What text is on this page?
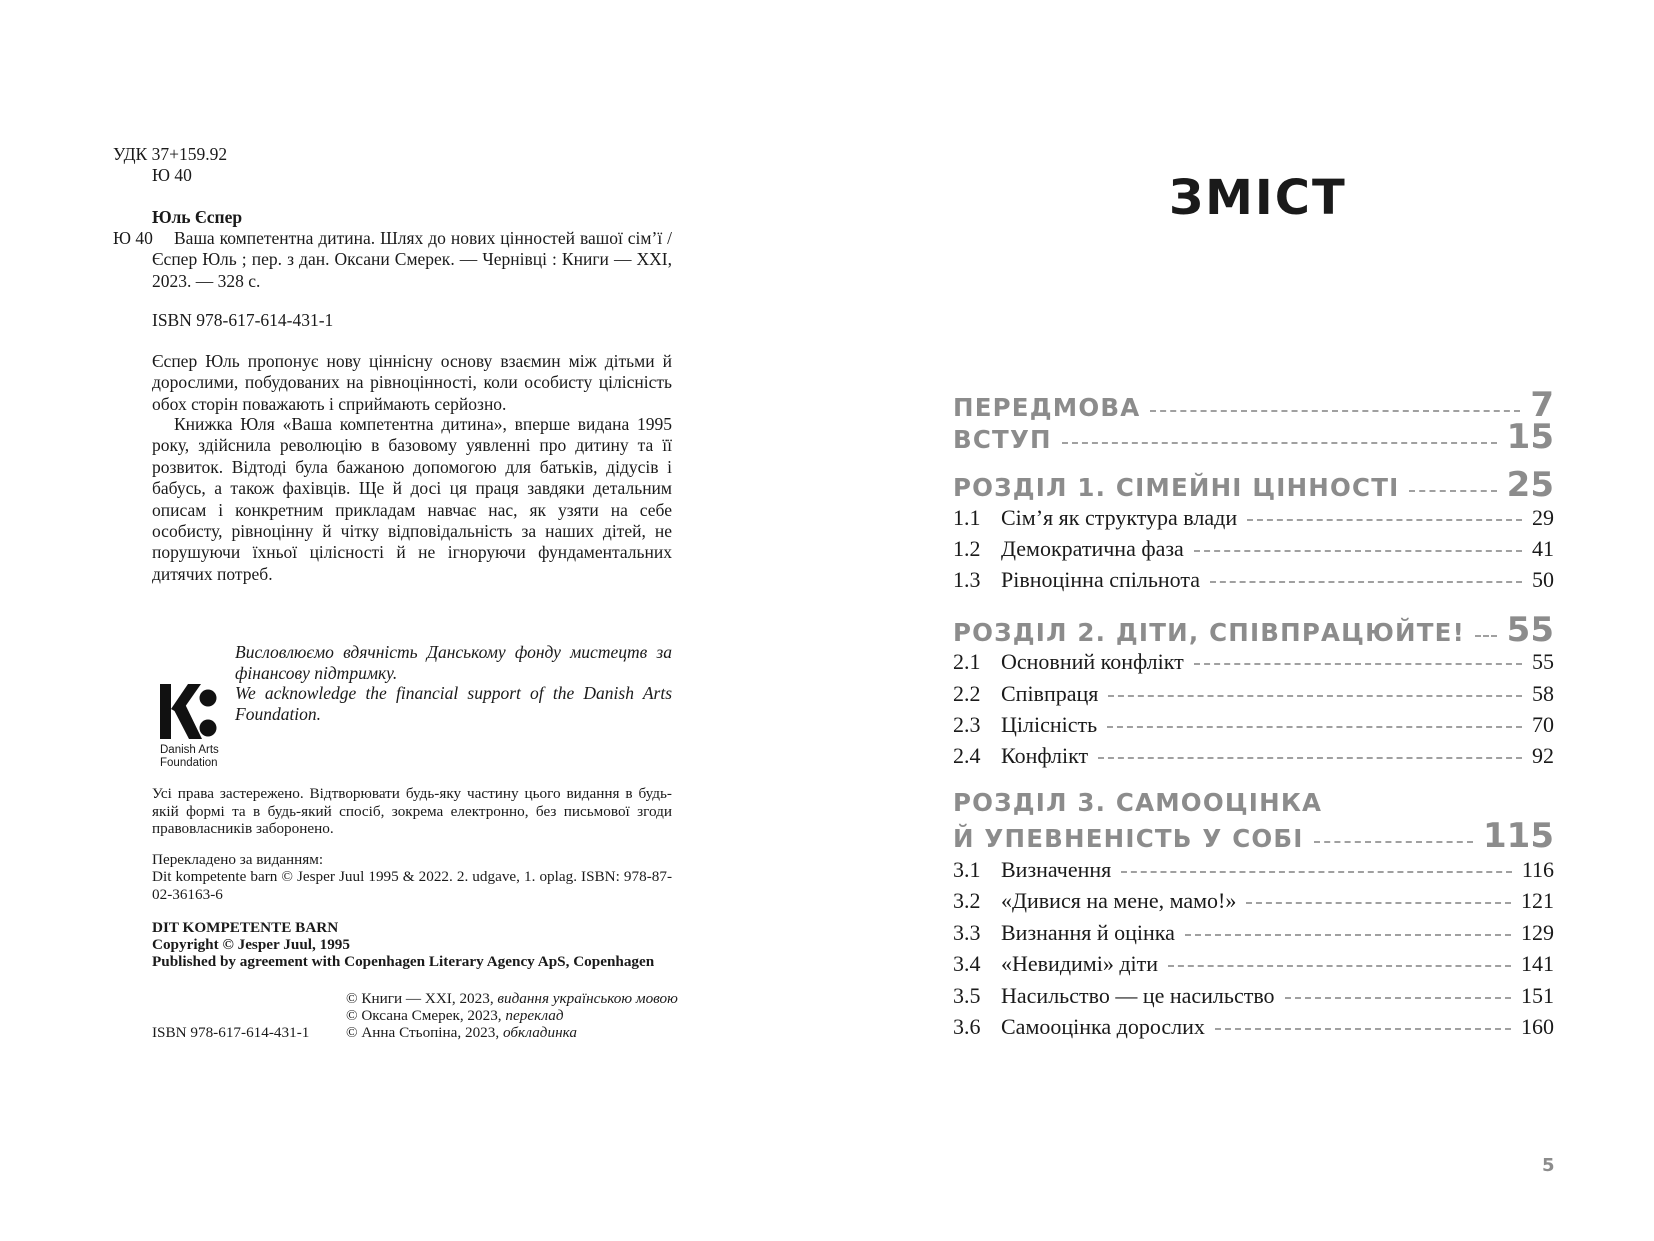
УДК 37+159.92
Ю 40
Юль Єспер
Ю 40	Ваша компетентна дитина. Шлях до нових цінностей вашої сім’ї / Єспер Юль ; пер. з дан. Оксани Смерек. — Чернівці : Книги — XXI, 2023. — 328 с.
ISBN 978-617-614-431-1
Єспер Юль пропонує нову ціннісну основу взаємин між дітьми й дорослими, побудованих на рівноцінності, коли особисту цілісність обох сторін поважають і сприймають серйозно.
Книжка Юля «Ваша компетентна дитина», вперше видана 1995 року, здійснила революцію в базовому уявленні про дитину та її розвиток. Відтоді була бажаною допомогою для батьків, дідусів і бабусь, а також фахівців. Ще й досі ця праця завдяки детальним описам і конкретним прикладам навчає нас, як узяти на себе особисту, рівноцінну й чітку відповідальність за наших дітей, не порушуючи їхньої цілісності й не ігноруючи фундаментальних дитячих потреб.
Danish Arts
Foundation
Висловлюємо вдячність Данському фонду мистецтв за фінансову підтримку.
We acknowledge the financial support of the Danish Arts Foundation.
Усі права застережено. Відтворювати будь-яку частину цього видання в будь-якій формі та в будь-який спосіб, зокрема електронно, без письмової згоди правовласників заборонено.
Перекладено за виданням:
Dit kompetente barn © Jesper Juul 1995 & 2022. 2. udgave, 1. oplag. ISBN: 978-87-02-36163-6
DIT KOMPETENTE BARN
Copyright © Jesper Juul, 1995
Published by agreement with Copenhagen Literary Agency ApS, Copenhagen
© Книги — XXI, 2023, видання українською мовою
© Оксана Смерек, 2023, переклад
© Анна Стьопіна, 2023, обкладинка
ISBN 978-617-614-431-1
ЗМІСТ
ПЕРЕДМОВА	7
ВСТУП	15
РОЗДІЛ 1. СІМЕЙНІ ЦІННОСТІ	25
1.1 Сім’я як структура влади	29
1.2 Демократична фаза	41
1.3 Рівноцінна спільнота	50
РОЗДІЛ 2. ДІТИ, СПІВПРАЦЮЙТЕ! 55
2.1 Основний конфлікт	55
2.2 Співпраця	58
2.3 Цілісність	70
2.4 Конфлікт	92
РОЗДІЛ 3. САМООЦІНКА
Й УПЕВНЕНІСТЬ У СОБІ	115
3.1 Визначення	116
3.2 «Дивися на мене, мамо!»	121
3.3 Визнання й оцінка	129
3.4 «Невидимі» діти	141
3.5 Насильство — це насильство	151
3.6 Самооцінка дорослих	160
5
